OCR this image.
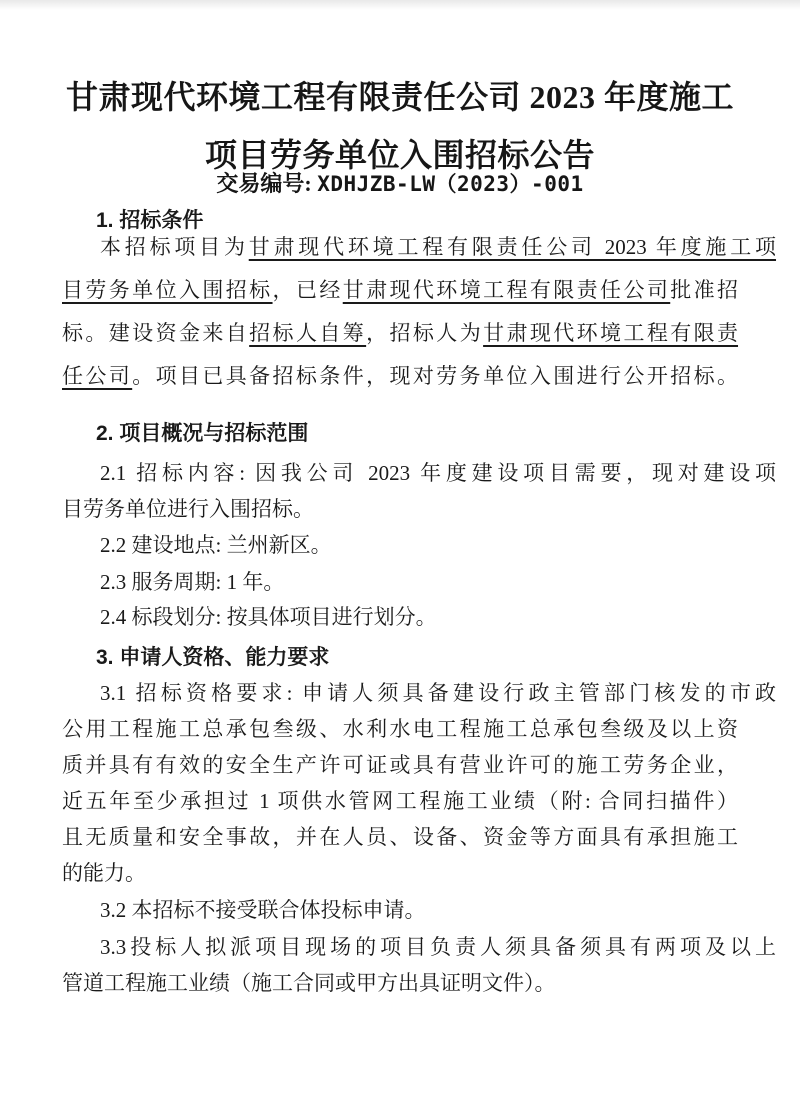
甘肃现代环境工程有限责任公司 2023 年度施工
项目劳务单位入围招标公告
交易编号: XDHJZB-LW（2023）-001
1. 招标条件
本招标项目为甘肃现代环境工程有限责任公司 2023 年度施工项
目劳务单位入围招标，已经甘肃现代环境工程有限责任公司批准招
标。建设资金来自招标人自筹，招标人为甘肃现代环境工程有限责
任公司。项目已具备招标条件，现对劳务单位入围进行公开招标。
2. 项目概况与招标范围
2.1 招标内容: 因我公司 2023 年度建设项目需要，现对建设项
目劳务单位进行入围招标。
2.2 建设地点: 兰州新区。
2.3 服务周期: 1 年。
2.4 标段划分: 按具体项目进行划分。
3. 申请人资格、能力要求
3.1 招标资格要求: 申请人须具备建设行政主管部门核发的市政
公用工程施工总承包叁级、水利水电工程施工总承包叁级及以上资
质并具有有效的安全生产许可证或具有营业许可的施工劳务企业，
近五年至少承担过 1 项供水管网工程施工业绩（附: 合同扫描件）
且无质量和安全事故，并在人员、设备、资金等方面具有承担施工
的能力。
3.2 本招标不接受联合体投标申请。
3.3投标人拟派项目现场的项目负责人须具备须具有两项及以上
管道工程施工业绩（施工合同或甲方出具证明文件）。
